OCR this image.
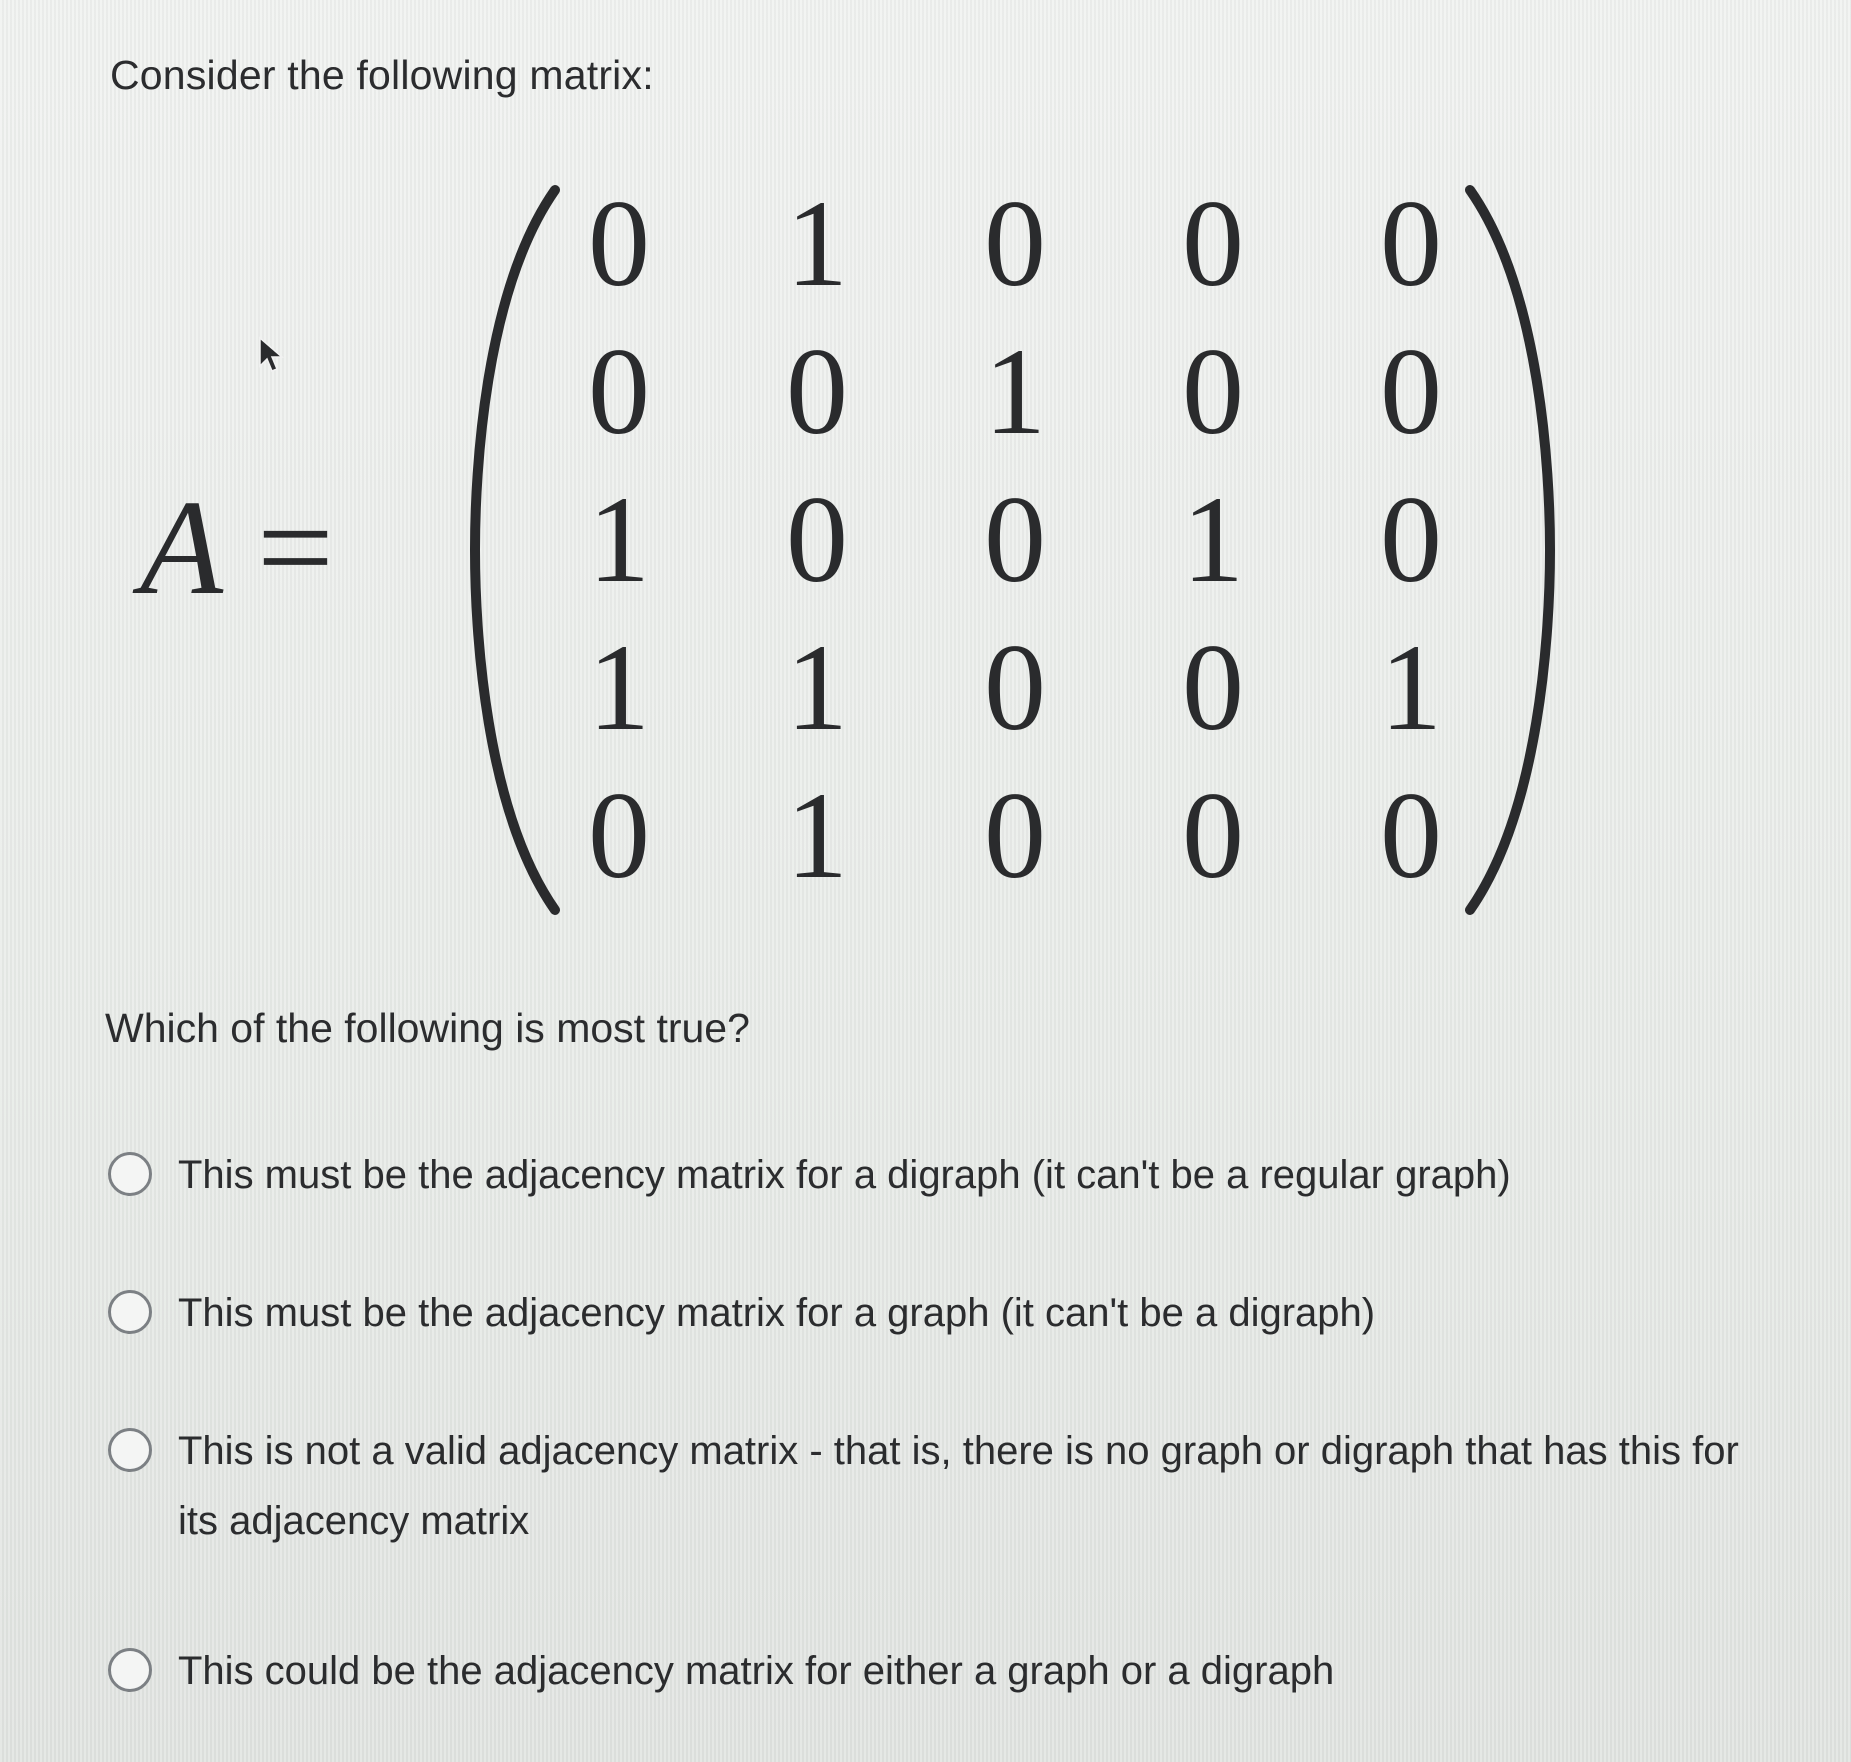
Consider the following matrix:
A =
0	1	0	0	0
0	0	1	0	0
1	0	0	1	0
1	1	0	0	1
0	1	0	0	0
Which of the following is most true?
This must be the adjacency matrix for a digraph (it can't be a regular graph)
This must be the adjacency matrix for a graph (it can't be a digraph)
This is not a valid adjacency matrix - that is, there is no graph or digraph that has this for its adjacency matrix
This could be the adjacency matrix for either a graph or a digraph
